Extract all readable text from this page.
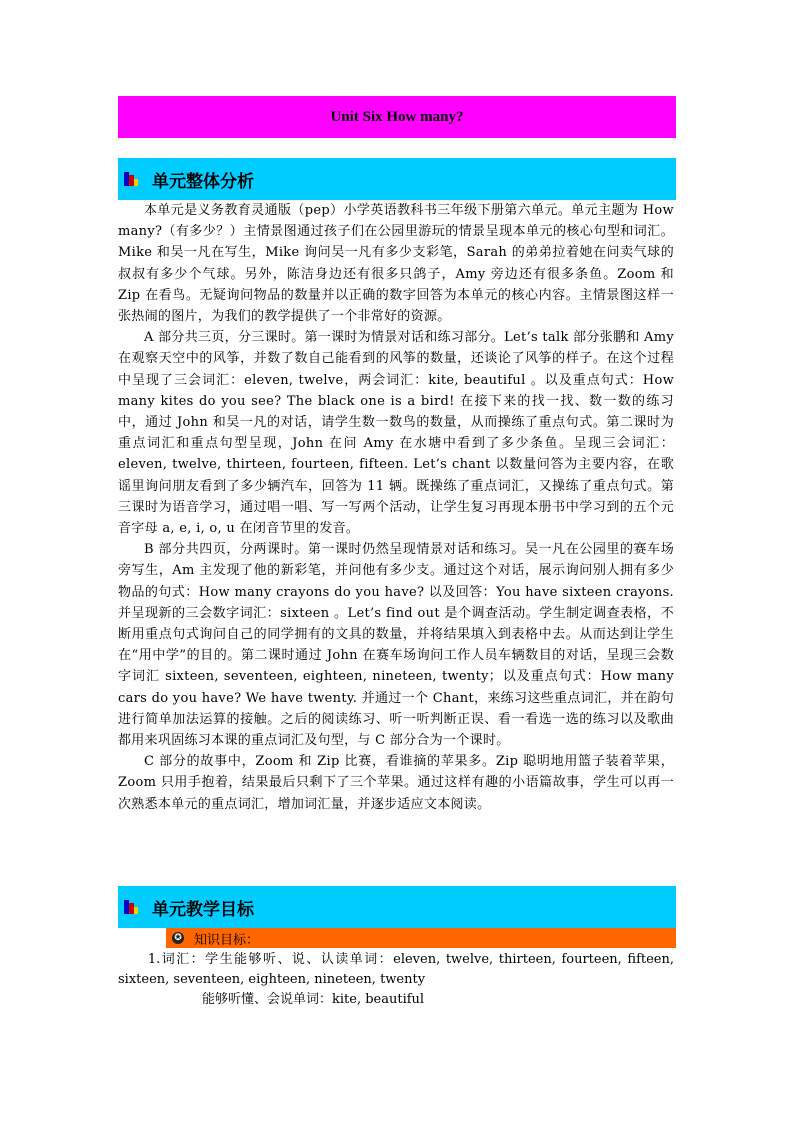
Unit Six How many?
单元整体分析

本单元是义务教育灵通版（pep）小学英语教科书三年级下册第六单元。单元主题为 How many?（有多少？）主情景图通过孩子们在公园里游玩的情景呈现本单元的核心句型和词汇。Mike 和吴一凡在写生，Mike 询问吴一凡有多少支彩笔，Sarah 的弟弟拉着她在问卖气球的叔叔有多少个气球。另外，陈洁身边还有很多只鸽子，Amy 旁边还有很多条鱼。Zoom 和 Zip 在看鸟。无疑询问物品的数量并以正确的数字回答为本单元的核心内容。主情景图这样一张热闹的图片，为我们的教学提供了一个非常好的资源。

A 部分共三页，分三课时。第一课时为情景对话和练习部分。Let’s talk 部分张鹏和 Amy 在观察天空中的风筝，并数了数自己能看到的风筝的数量，还谈论了风筝的样子。在这个过程中呈现了三会词汇：eleven, twelve，两会词汇：kite, beautiful 。以及重点句式：How many kites do you see? The black one is a bird! 在接下来的找一找、数一数的练习中，通过 John 和吴一凡的对话，请学生数一数鸟的数量，从而操练了重点句式。第二课时为重点词汇和重点句型呈现，John 在问 Amy 在水塘中看到了多少条鱼。呈现三会词汇：eleven, twelve, thirteen, fourteen, fifteen. Let’s chant 以数量问答为主要内容，在歌谣里询问朋友看到了多少辆汽车，回答为 11 辆。既操练了重点词汇，又操练了重点句式。第三课时为语音学习，通过唱一唱、写一写两个活动，让学生复习再现本册书中学习到的五个元音字母 a, e, i, o, u 在闭音节里的发音。

B 部分共四页，分两课时。第一课时仍然呈现情景对话和练习。吴一凡在公园里的赛车场旁写生，Am 主发现了他的新彩笔，并问他有多少支。通过这个对话，展示询问别人拥有多少物品的句式：How many crayons do you have? 以及回答：You have sixteen crayons. 并呈现新的三会数字词汇：sixteen 。Let’s find out 是个调查活动。学生制定调查表格，不断用重点句式询问自己的同学拥有的文具的数量，并将结果填入到表格中去。从而达到让学生在“用中学”的目的。第二课时通过 John 在赛车场询问工作人员车辆数目的对话，呈现三会数字词汇 sixteen, seventeen, eighteen, nineteen, twenty；以及重点句式：How many cars do you have? We have twenty. 并通过一个 Chant，来练习这些重点词汇，并在韵句进行简单加法运算的接触。之后的阅读练习、听一听判断正误、看一看选一选的练习以及歌曲都用来巩固练习本课的重点词汇及句型，与 C 部分合为一个课时。

C 部分的故事中，Zoom 和 Zip 比赛，看谁摘的苹果多。Zip 聪明地用篮子装着苹果，Zoom 只用手抱着，结果最后只剩下了三个苹果。通过这样有趣的小语篇故事，学生可以再一次熟悉本单元的重点词汇，增加词汇量，并逐步适应文本阅读。

单元教学目标
✪ 知识目标：

1.词汇：学生能够听、说、认读单词：eleven, twelve, thirteen, fourteen, fifteen, sixteen, seventeen, eighteen, nineteen, twenty

能够听懂、会说单词：kite, beautiful
